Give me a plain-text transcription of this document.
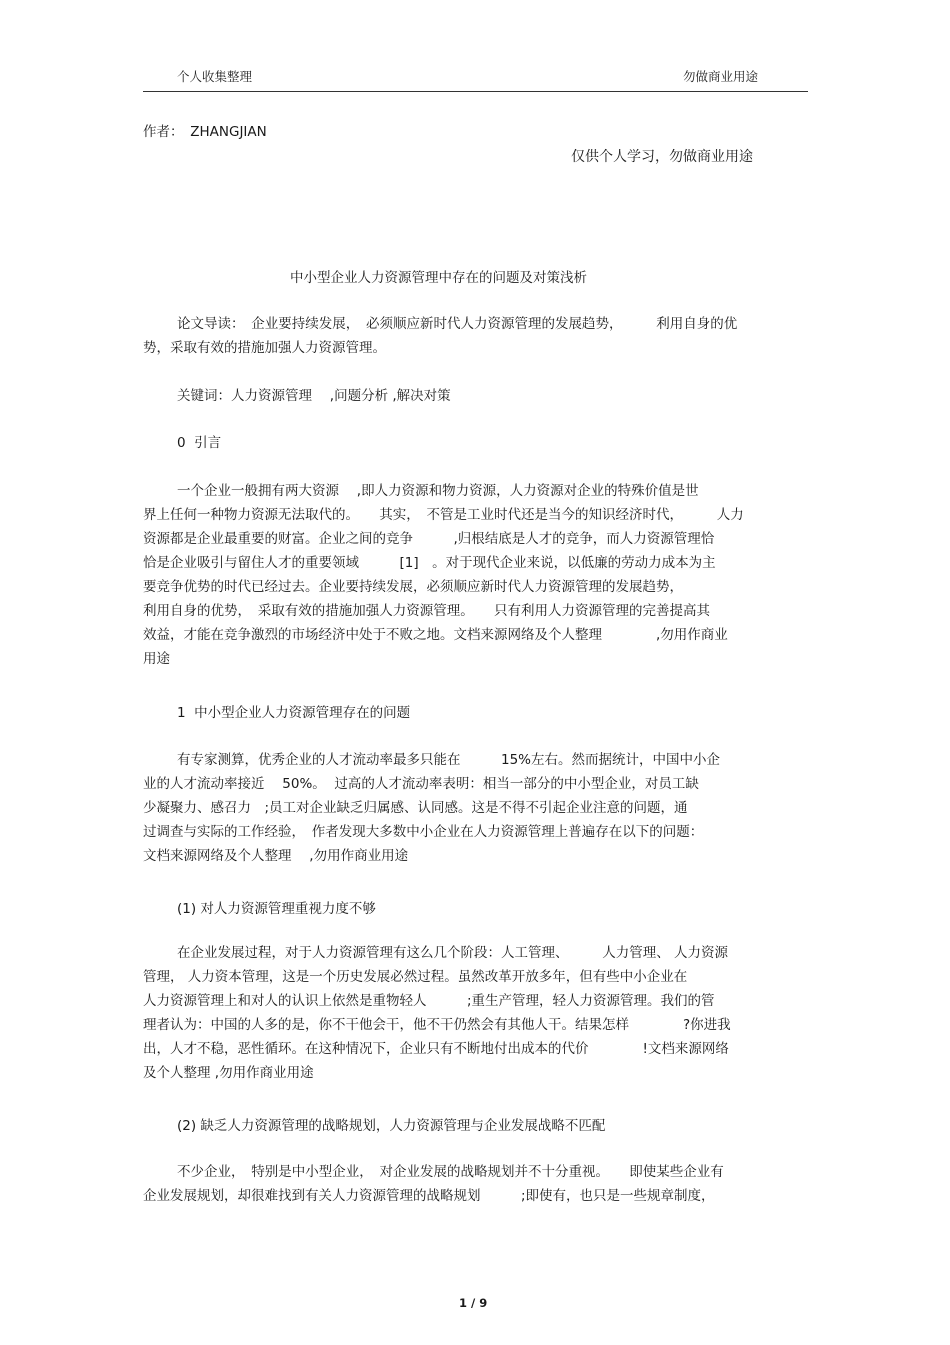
个人收集整理	勿做商业用途
作者：　ZHANGJIAN
仅供个人学习，勿做商业用途
中小型企业人力资源管理中存在的问题及对策浅析
论文导读：　企业要持续发展，　必须顺应新时代人力资源管理的发展趋势，　　　利用自身的优
势，采取有效的措施加强人力资源管理。
关键词：人力资源管理　 ,问题分析 ,解决对策
0  引言
一个企业一般拥有两大资源　 ,即人力资源和物力资源，人力资源对企业的特殊价值是世
界上任何一种物力资源无法取代的。　　其实，　不管是工业时代还是当今的知识经济时代，　　　人力
资源都是企业最重要的财富。企业之间的竞争　　　,归根结底是人才的竞争，而人力资源管理恰
恰是企业吸引与留住人才的重要领域　　　[1]　。对于现代企业来说，以低廉的劳动力成本为主
要竞争优势的时代已经过去。企业要持续发展，必须顺应新时代人力资源管理的发展趋势，
利用自身的优势，　采取有效的措施加强人力资源管理。　　只有利用人力资源管理的完善提高其
效益，才能在竞争激烈的市场经济中处于不败之地。文档来源网络及个人整理　　　　,勿用作商业
用途
1  中小型企业人力资源管理存在的问题
有专家测算，优秀企业的人才流动率最多只能在　　　15%左右。然而据统计，中国中小企
业的人才流动率接近　 50%。  过高的人才流动率表明：相当一部分的中小型企业，对员工缺
少凝聚力、感召力　;员工对企业缺乏归属感、认同感。这是不得不引起企业注意的问题，通
过调查与实际的工作经验，　作者发现大多数中小企业在人力资源管理上普遍存在以下的问题：
文档来源网络及个人整理　 ,勿用作商业用途
(1) 对人力资源管理重视力度不够
在企业发展过程，对于人力资源管理有这么几个阶段：人工管理、　　　人力管理、 人力资源
管理， 人力资本管理，这是一个历史发展必然过程。虽然改革开放多年，但有些中小企业在
人力资源管理上和对人的认识上依然是重物轻人　　　;重生产管理，轻人力资源管理。我们的管
理者认为：中国的人多的是，你不干他会干，他不干仍然会有其他人干。结果怎样　　　　?你进我
出，人才不稳，恶性循环。在这种情况下，企业只有不断地付出成本的代价　　　　!文档来源网络
及个人整理 ,勿用作商业用途
(2) 缺乏人力资源管理的战略规划，人力资源管理与企业发展战略不匹配
不少企业，　特别是中小型企业，　对企业发展的战略规划并不十分重视。　　即使某些企业有
企业发展规划，却很难找到有关人力资源管理的战略规划　　　;即使有，也只是一些规章制度，
1 / 9
